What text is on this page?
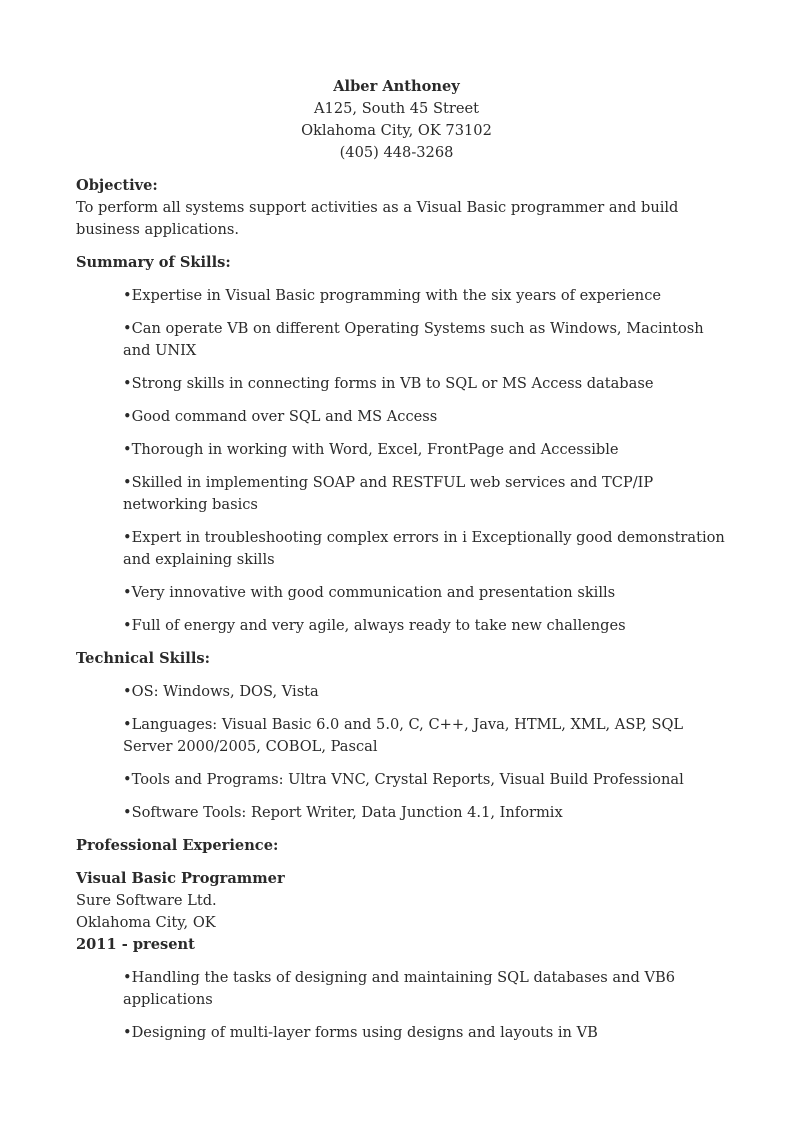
Alber Anthoney
A125, South 45 Street
Oklahoma City, OK 73102
(405) 448-3268
Objective:
To perform all systems support activities as a Visual Basic programmer and build business applications.
Summary of Skills:
•Expertise in Visual Basic programming with the six years of experience
•Can operate VB on different Operating Systems such as Windows, Macintosh and UNIX
•Strong skills in connecting forms in VB to SQL or MS Access database
•Good command over SQL and MS Access
•Thorough in working with Word, Excel, FrontPage and Accessible
•Skilled in implementing SOAP and RESTFUL web services and TCP/IP networking basics
•Expert in troubleshooting complex errors in i Exceptionally good demonstration and explaining skills
•Very innovative with good communication and presentation skills
•Full of energy and very agile, always ready to take new challenges
Technical Skills:
•OS: Windows, DOS, Vista
•Languages: Visual Basic 6.0 and 5.0, C, C++, Java, HTML, XML, ASP, SQL Server 2000/2005, COBOL, Pascal
•Tools and Programs: Ultra VNC, Crystal Reports, Visual Build Professional
•Software Tools: Report Writer, Data Junction 4.1, Informix
Professional Experience:
Visual Basic Programmer
Sure Software Ltd.
Oklahoma City, OK
2011 - present
•Handling the tasks of designing and maintaining SQL databases and VB6 applications
•Designing of multi-layer forms using designs and layouts in VB
